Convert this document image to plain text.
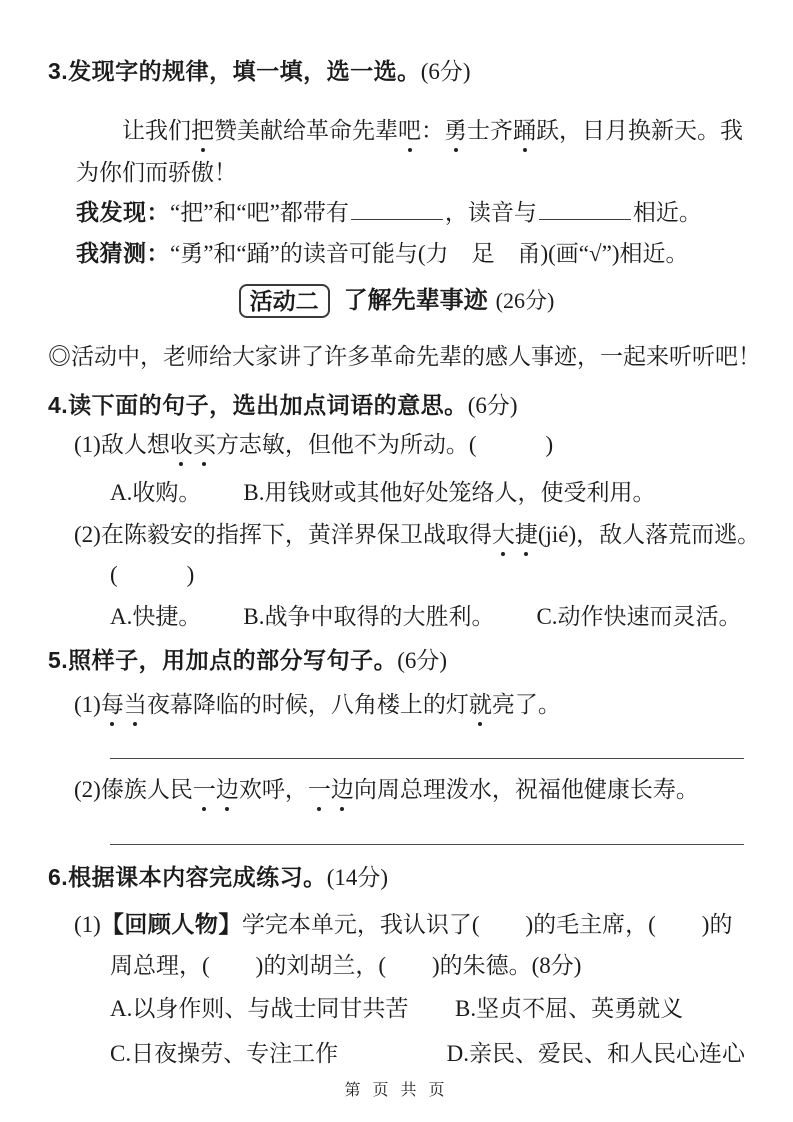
3.发现字的规律，填一填，选一选。(6分)
让我们把赞美献给革命先辈吧：勇士齐踊跃，日月换新天。我
为你们而骄傲！
我发现：“把”和“吧”都带有	，读音与	相近。
我猜测：“勇”和“踊”的读音可能与(力　足　甬)(画“√”)相近。
活动二	了解先辈事迹 (26分)
◎活动中，老师给大家讲了许多革命先辈的感人事迹，一起来听听吧！
4.读下面的句子，选出加点词语的意思。(6分)
(1)敌人想收买方志敏，但他不为所动。(　　　)
A.收购。 B.用钱财或其他好处笼络人，使受利用。
(2)在陈毅安的指挥下，黄洋界保卫战取得大捷(jié)，敌人落荒而逃。
(　　　)
A.快捷。 B.战争中取得的大胜利。 C.动作快速而灵活。
5.照样子，用加点的部分写句子。(6分)
(1)每当夜幕降临的时候，八角楼上的灯就亮了。
(2)傣族人民一边欢呼，一边向周总理泼水，祝福他健康长寿。
6.根据课本内容完成练习。(14分)
(1)【回顾人物】学完本单元，我认识了(　　)的毛主席，(　　)的
周总理，(　　)的刘胡兰，(　　)的朱德。(8分)
A.以身作则、与战士同甘共苦	B.坚贞不屈、英勇就义
C.日夜操劳、专注工作	D.亲民、爱民、和人民心连心
第 页 共 页
